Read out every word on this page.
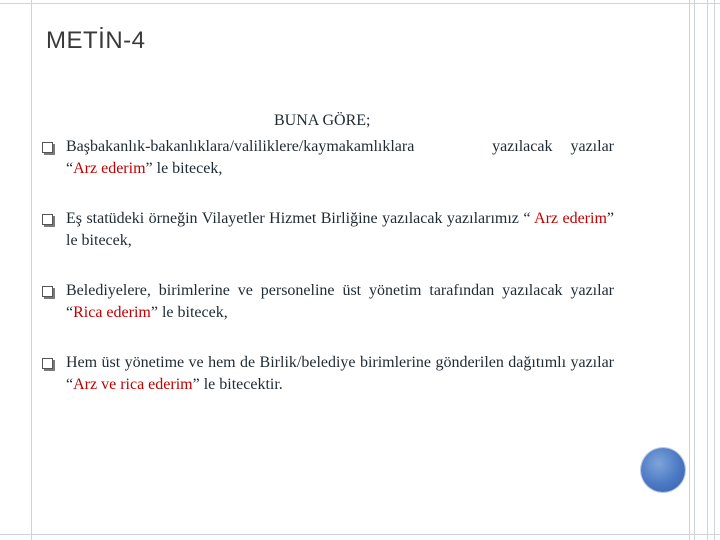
METİN-4
BUNA GÖRE;
Başbakanlık-bakanlıklara/valiliklere/kaymakamlıklara	yazılacak yazılar
“Arz ederim” le bitecek,
Eş statüdeki örneğin Vilayetler Hizmet Birliğine yazılacak yazılarımız “ Arz ederim” le bitecek,
Belediyelere, birimlerine ve personeline üst yönetim tarafından yazılacak yazılar “Rica ederim” le bitecek,
Hem üst yönetime ve hem de Birlik/belediye birimlerine gönderilen dağıtımlı yazılar “Arz ve rica ederim” le bitecektir.
